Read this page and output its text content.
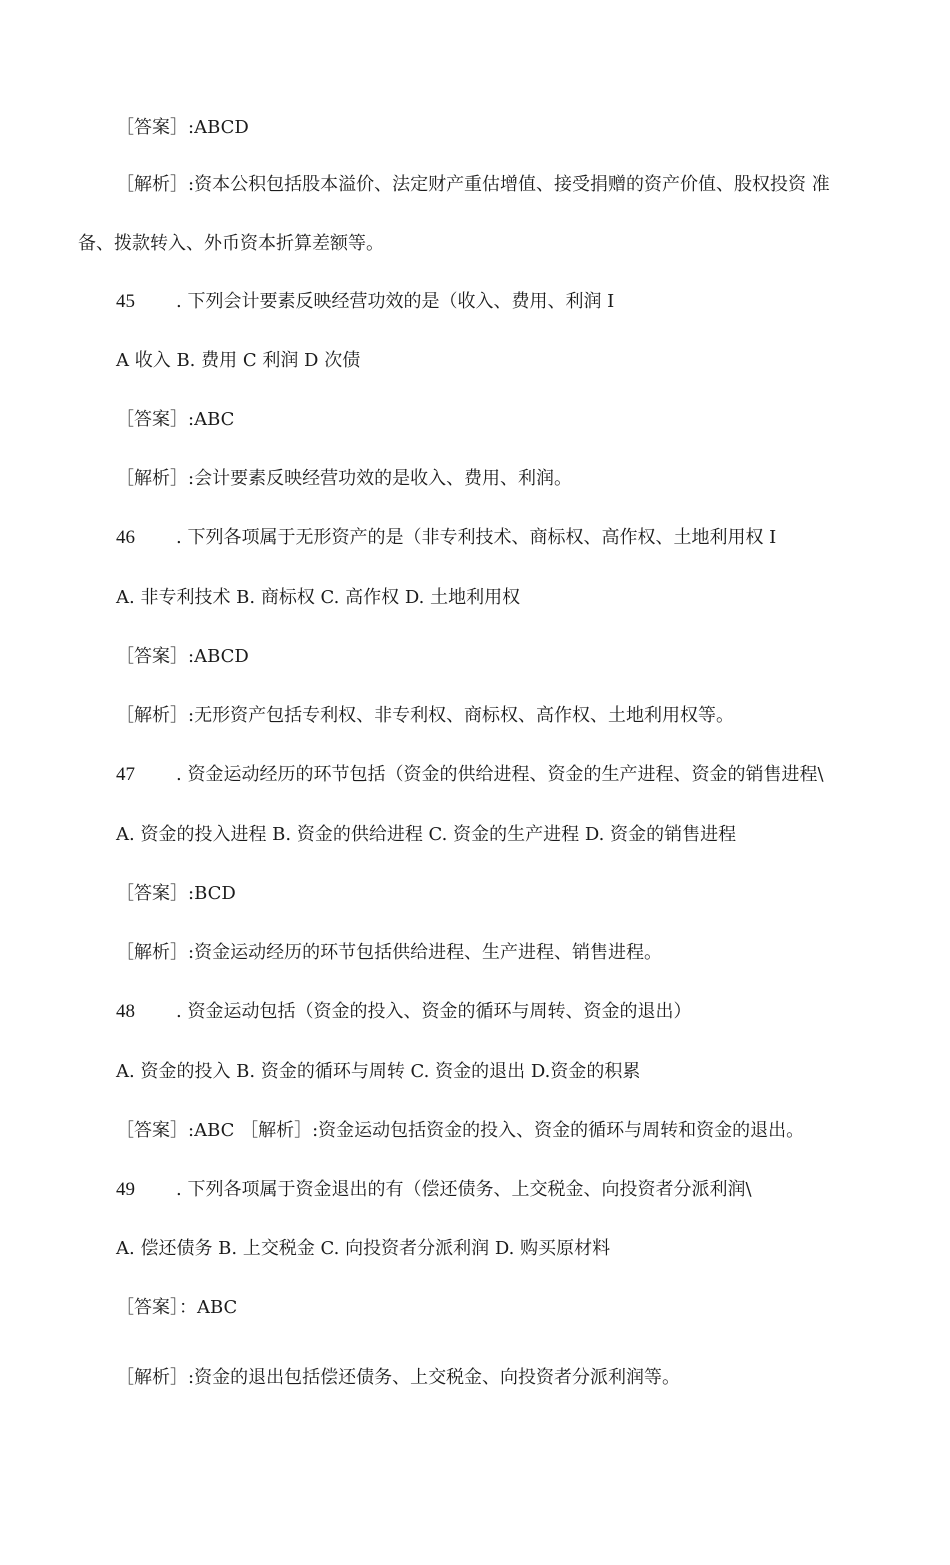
［答案］:ABCD
［解析］:资本公积包括股本溢价、法定财产重估增值、接受捐赠的资产价值、股权投资 准
备、拨款转入、外币资本折算差额等。
45 . 下列会计要素反映经营功效的是（收入、费用、利润 I
A 收入 B. 费用 C 利润 D 次债
［答案］:ABC
［解析］:会计要素反映经营功效的是收入、费用、利润。
46 . 下列各项属于无形资产的是（非专利技术、商标权、高作权、土地利用权 I
A. 非专利技术 B. 商标权 C. 高作权 D. 土地利用权
［答案］:ABCD
［解析］:无形资产包括专利权、非专利权、商标权、高作权、土地利用权等。
47 . 资金运动经历的环节包括（资金的供给进程、资金的生产进程、资金的销售进程\
A. 资金的投入进程 B. 资金的供给进程 C. 资金的生产进程 D. 资金的销售进程
［答案］:BCD
［解析］:资金运动经历的环节包括供给进程、生产进程、销售进程。
48 . 资金运动包括（资金的投入、资金的循环与周转、资金的退出）
A. 资金的投入 B. 资金的循环与周转 C. 资金的退出 D.资金的积累
［答案］:ABC ［解析］:资金运动包括资金的投入、资金的循环与周转和资金的退出。
49 . 下列各项属于资金退出的有（偿还债务、上交税金、向投资者分派利润\
A. 偿还债务 B. 上交税金 C. 向投资者分派利润 D. 购买原材料
［答案］：ABC
［解析］:资金的退出包括偿还债务、上交税金、向投资者分派利润等。
